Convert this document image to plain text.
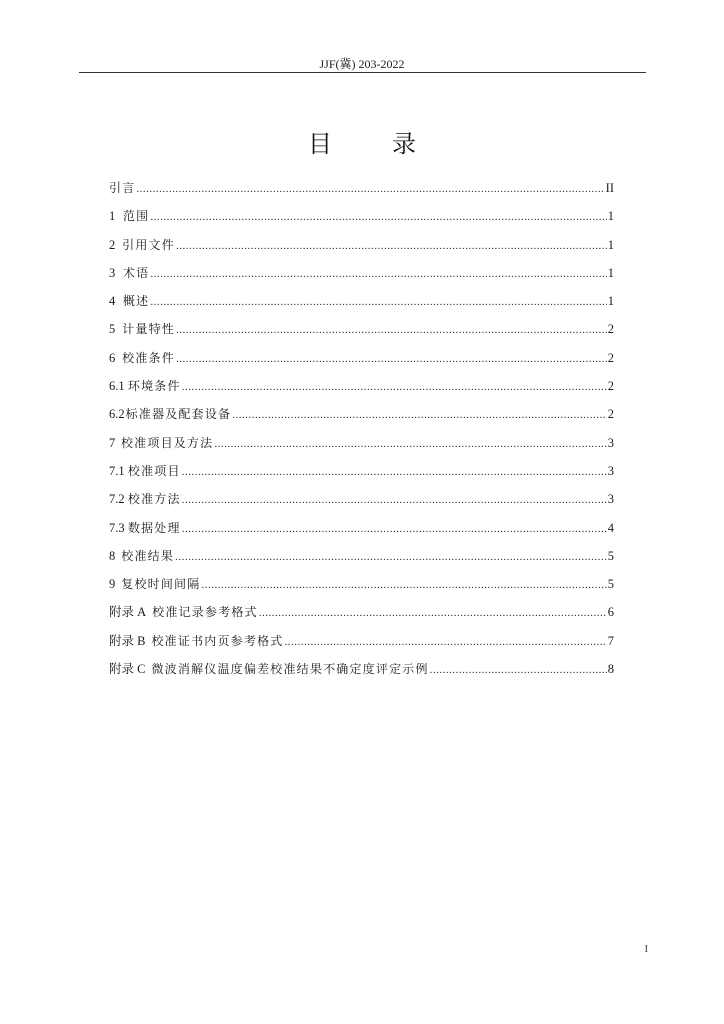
JJF(冀) 203-2022
目录
引言 .....	II
1 范围 .....	1
2 引用文件 .....	1
3 术语 .....	1
4 概述 .....	1
5 计量特性 .....	2
6 校准条件 .....	2
6.1 环境条件 .....	2
6.2 标准器及配套设备 .....	2
7 校准项目及方法 .....	3
7.1 校准项目 .....	3
7.2 校准方法 .....	3
7.3 数据处理 .....	4
8 校准结果 .....	5
9 复校时间间隔 .....	5
附录 A 校准记录参考格式 .....	6
附录 B 校准证书内页参考格式 .....	7
附录 C 微波消解仪温度偏差校准结果不确定度评定示例 .....	8
I
